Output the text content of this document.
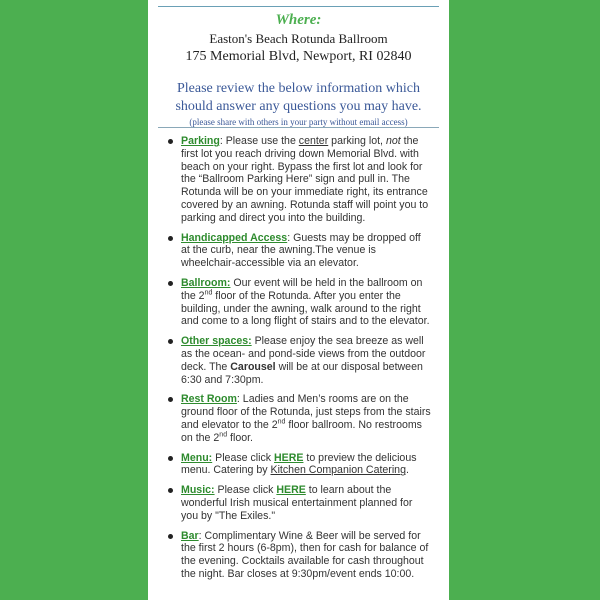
Where:
Easton's Beach Rotunda Ballroom
175 Memorial Blvd, Newport, RI 02840
Please review the below information which
should answer any questions you may have.
(please share with others in your party without email access)
Parking: Please use the center parking lot, not the first lot you reach driving down Memorial Blvd. with beach on your right. Bypass the first lot and look for the “Ballroom Parking Here” sign and pull in. The Rotunda will be on your immediate right, its entrance covered by an awning. Rotunda staff will point you to parking and direct you into the building.
Handicapped Access: Guests may be dropped off at the curb, near the awning.The venue is wheelchair-accessible via an elevator.
Ballroom: Our event will be held in the ballroom on the 2nd floor of the Rotunda. After you enter the building, under the awning, walk around to the right and come to a long flight of stairs and to the elevator.
Other spaces: Please enjoy the sea breeze as well as the ocean- and pond-side views from the outdoor deck. The Carousel will be at our disposal between 6:30 and 7:30pm.
Rest Room: Ladies and Men’s rooms are on the ground floor of the Rotunda, just steps from the stairs and elevator to the 2nd floor ballroom. No restrooms on the 2nd floor.
Menu: Please click HERE to preview the delicious menu. Catering by Kitchen Companion Catering.
Music: Please click HERE to learn about the wonderful Irish musical entertainment planned for you by "The Exiles."
Bar: Complimentary Wine & Beer will be served for the first 2 hours (6-8pm), then for cash for balance of the evening. Cocktails available for cash throughout the night. Bar closes at 9:30pm/event ends 10:00.
